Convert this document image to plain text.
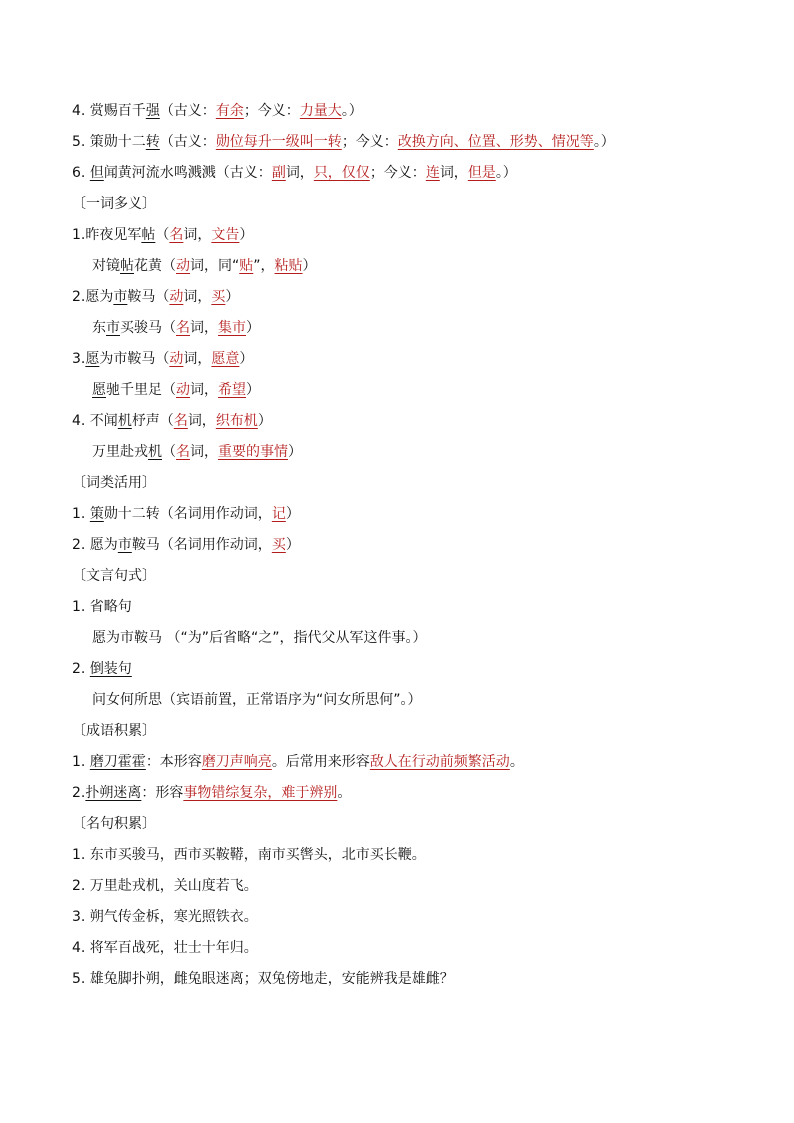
4. 赏赐百千强（古义：有余；今义：力量大。）
5. 策勋十二转（古义：勋位每升一级叫一转；今义：改换方向、位置、形势、情况等。）
6. 但闻黄河流水鸣溅溅（古义：副词，只，仅仅；今义：连词，但是。）
〔一词多义〕
1.昨夜见军帖（名词，文告）
对镜帖花黄（动词，同“贴”，粘贴）
2.愿为市鞍马（动词，买）
东市买骏马（名词，集市）
3.愿为市鞍马（动词，愿意）
愿驰千里足（动词，希望）
4. 不闻机杼声（名词，织布机）
万里赴戎机（名词，重要的事情）
〔词类活用〕
1. 策勋十二转（名词用作动词，记）
2. 愿为市鞍马（名词用作动词，买）
〔文言句式〕
1. 省略句
愿为市鞍马 （“为”后省略“之”，指代父从军这件事。）
2. 倒装句
问女何所思（宾语前置，正常语序为“问女所思何”。）
〔成语积累〕
1. 磨刀霍霍：本形容磨刀声响亮。后常用来形容敌人在行动前频繁活动。
2.扑朔迷离：形容事物错综复杂，难于辨别。
〔名句积累〕
1. 东市买骏马，西市买鞍鞯，南市买辔头，北市买长鞭。
2. 万里赴戎机，关山度若飞。
3. 朔气传金柝，寒光照铁衣。
4. 将军百战死，壮士十年归。
5. 雄兔脚扑朔，雌兔眼迷离；双兔傍地走，安能辨我是雄雌？
